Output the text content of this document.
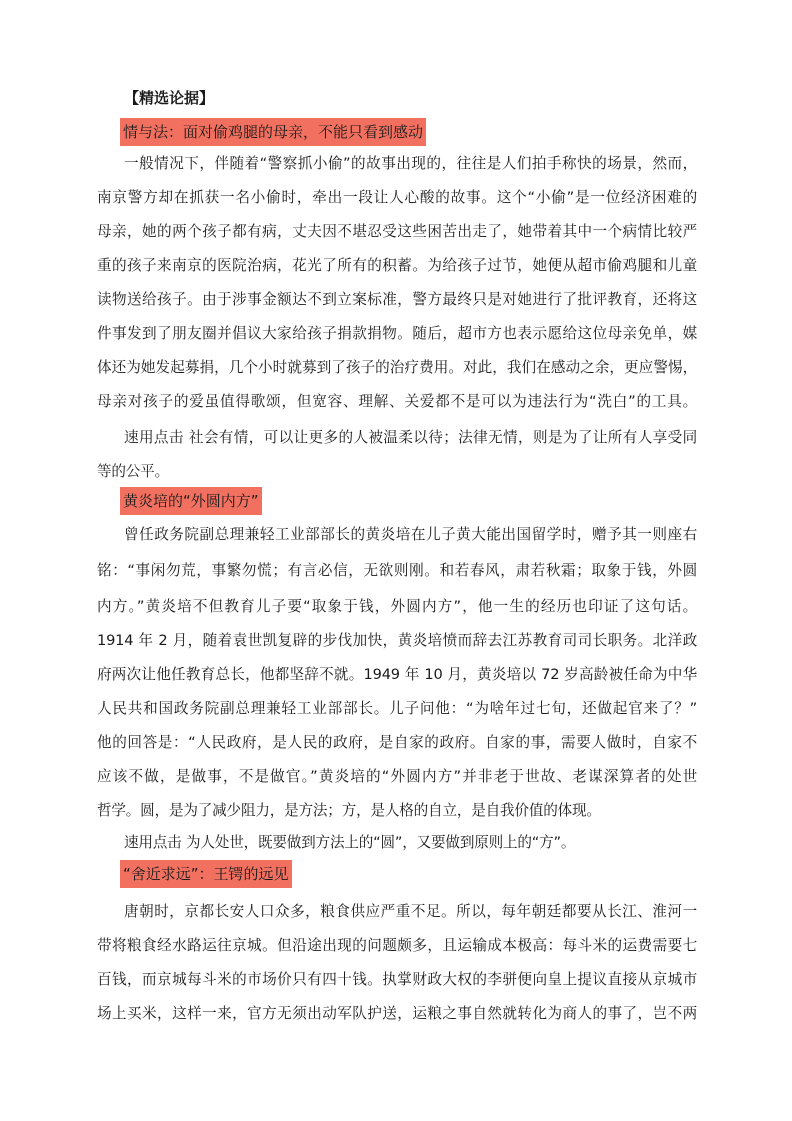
【精选论据】
情与法：面对偷鸡腿的母亲，不能只看到感动
一般情况下，伴随着“警察抓小偷”的故事出现的，往往是人们拍手称快的场景，然而，
南京警方却在抓获一名小偷时，牵出一段让人心酸的故事。这个“小偷”是一位经济困难的
母亲，她的两个孩子都有病，丈夫因不堪忍受这些困苦出走了，她带着其中一个病情比较严
重的孩子来南京的医院治病，花光了所有的积蓄。为给孩子过节，她便从超市偷鸡腿和儿童
读物送给孩子。由于涉事金额达不到立案标准，警方最终只是对她进行了批评教育，还将这
件事发到了朋友圈并倡议大家给孩子捐款捐物。随后，超市方也表示愿给这位母亲免单，媒
体还为她发起募捐，几个小时就募到了孩子的治疗费用。对此，我们在感动之余，更应警惕，
母亲对孩子的爱虽值得歌颂，但宽容、理解、关爱都不是可以为违法行为“洗白”的工具。
速用点击 社会有情，可以让更多的人被温柔以待；法律无情，则是为了让所有人享受同
等的公平。
黄炎培的“外圆内方”
曾任政务院副总理兼轻工业部部长的黄炎培在儿子黄大能出国留学时，赠予其一则座右
铭：“事闲勿荒，事繁勿慌；有言必信，无欲则刚。和若春风，肃若秋霜；取象于钱，外圆
内方。”黄炎培不但教育儿子要“取象于钱，外圆内方”，他一生的经历也印证了这句话。
1914 年 2 月，随着袁世凯复辟的步伐加快，黄炎培愤而辞去江苏教育司司长职务。北洋政
府两次让他任教育总长，他都坚辞不就。1949 年 10 月，黄炎培以 72 岁高龄被任命为中华
人民共和国政务院副总理兼轻工业部部长。儿子问他：“为啥年过七旬，还做起官来了？”
他的回答是：“人民政府，是人民的政府，是自家的政府。自家的事，需要人做时，自家不
应该不做，是做事，不是做官。”黄炎培的“外圆内方”并非老于世故、老谋深算者的处世
哲学。圆，是为了减少阻力，是方法；方，是人格的自立，是自我价值的体现。
速用点击 为人处世，既要做到方法上的“圆”，又要做到原则上的“方”。
“舍近求远”：王锷的远见
唐朝时，京都长安人口众多，粮食供应严重不足。所以，每年朝廷都要从长江、淮河一
带将粮食经水路运往京城。但沿途出现的问题颇多，且运输成本极高：每斗米的运费需要七
百钱，而京城每斗米的市场价只有四十钱。执掌财政大权的李骈便向皇上提议直接从京城市
场上买米，这样一来，官方无须出动军队护送，运粮之事自然就转化为商人的事了，岂不两
